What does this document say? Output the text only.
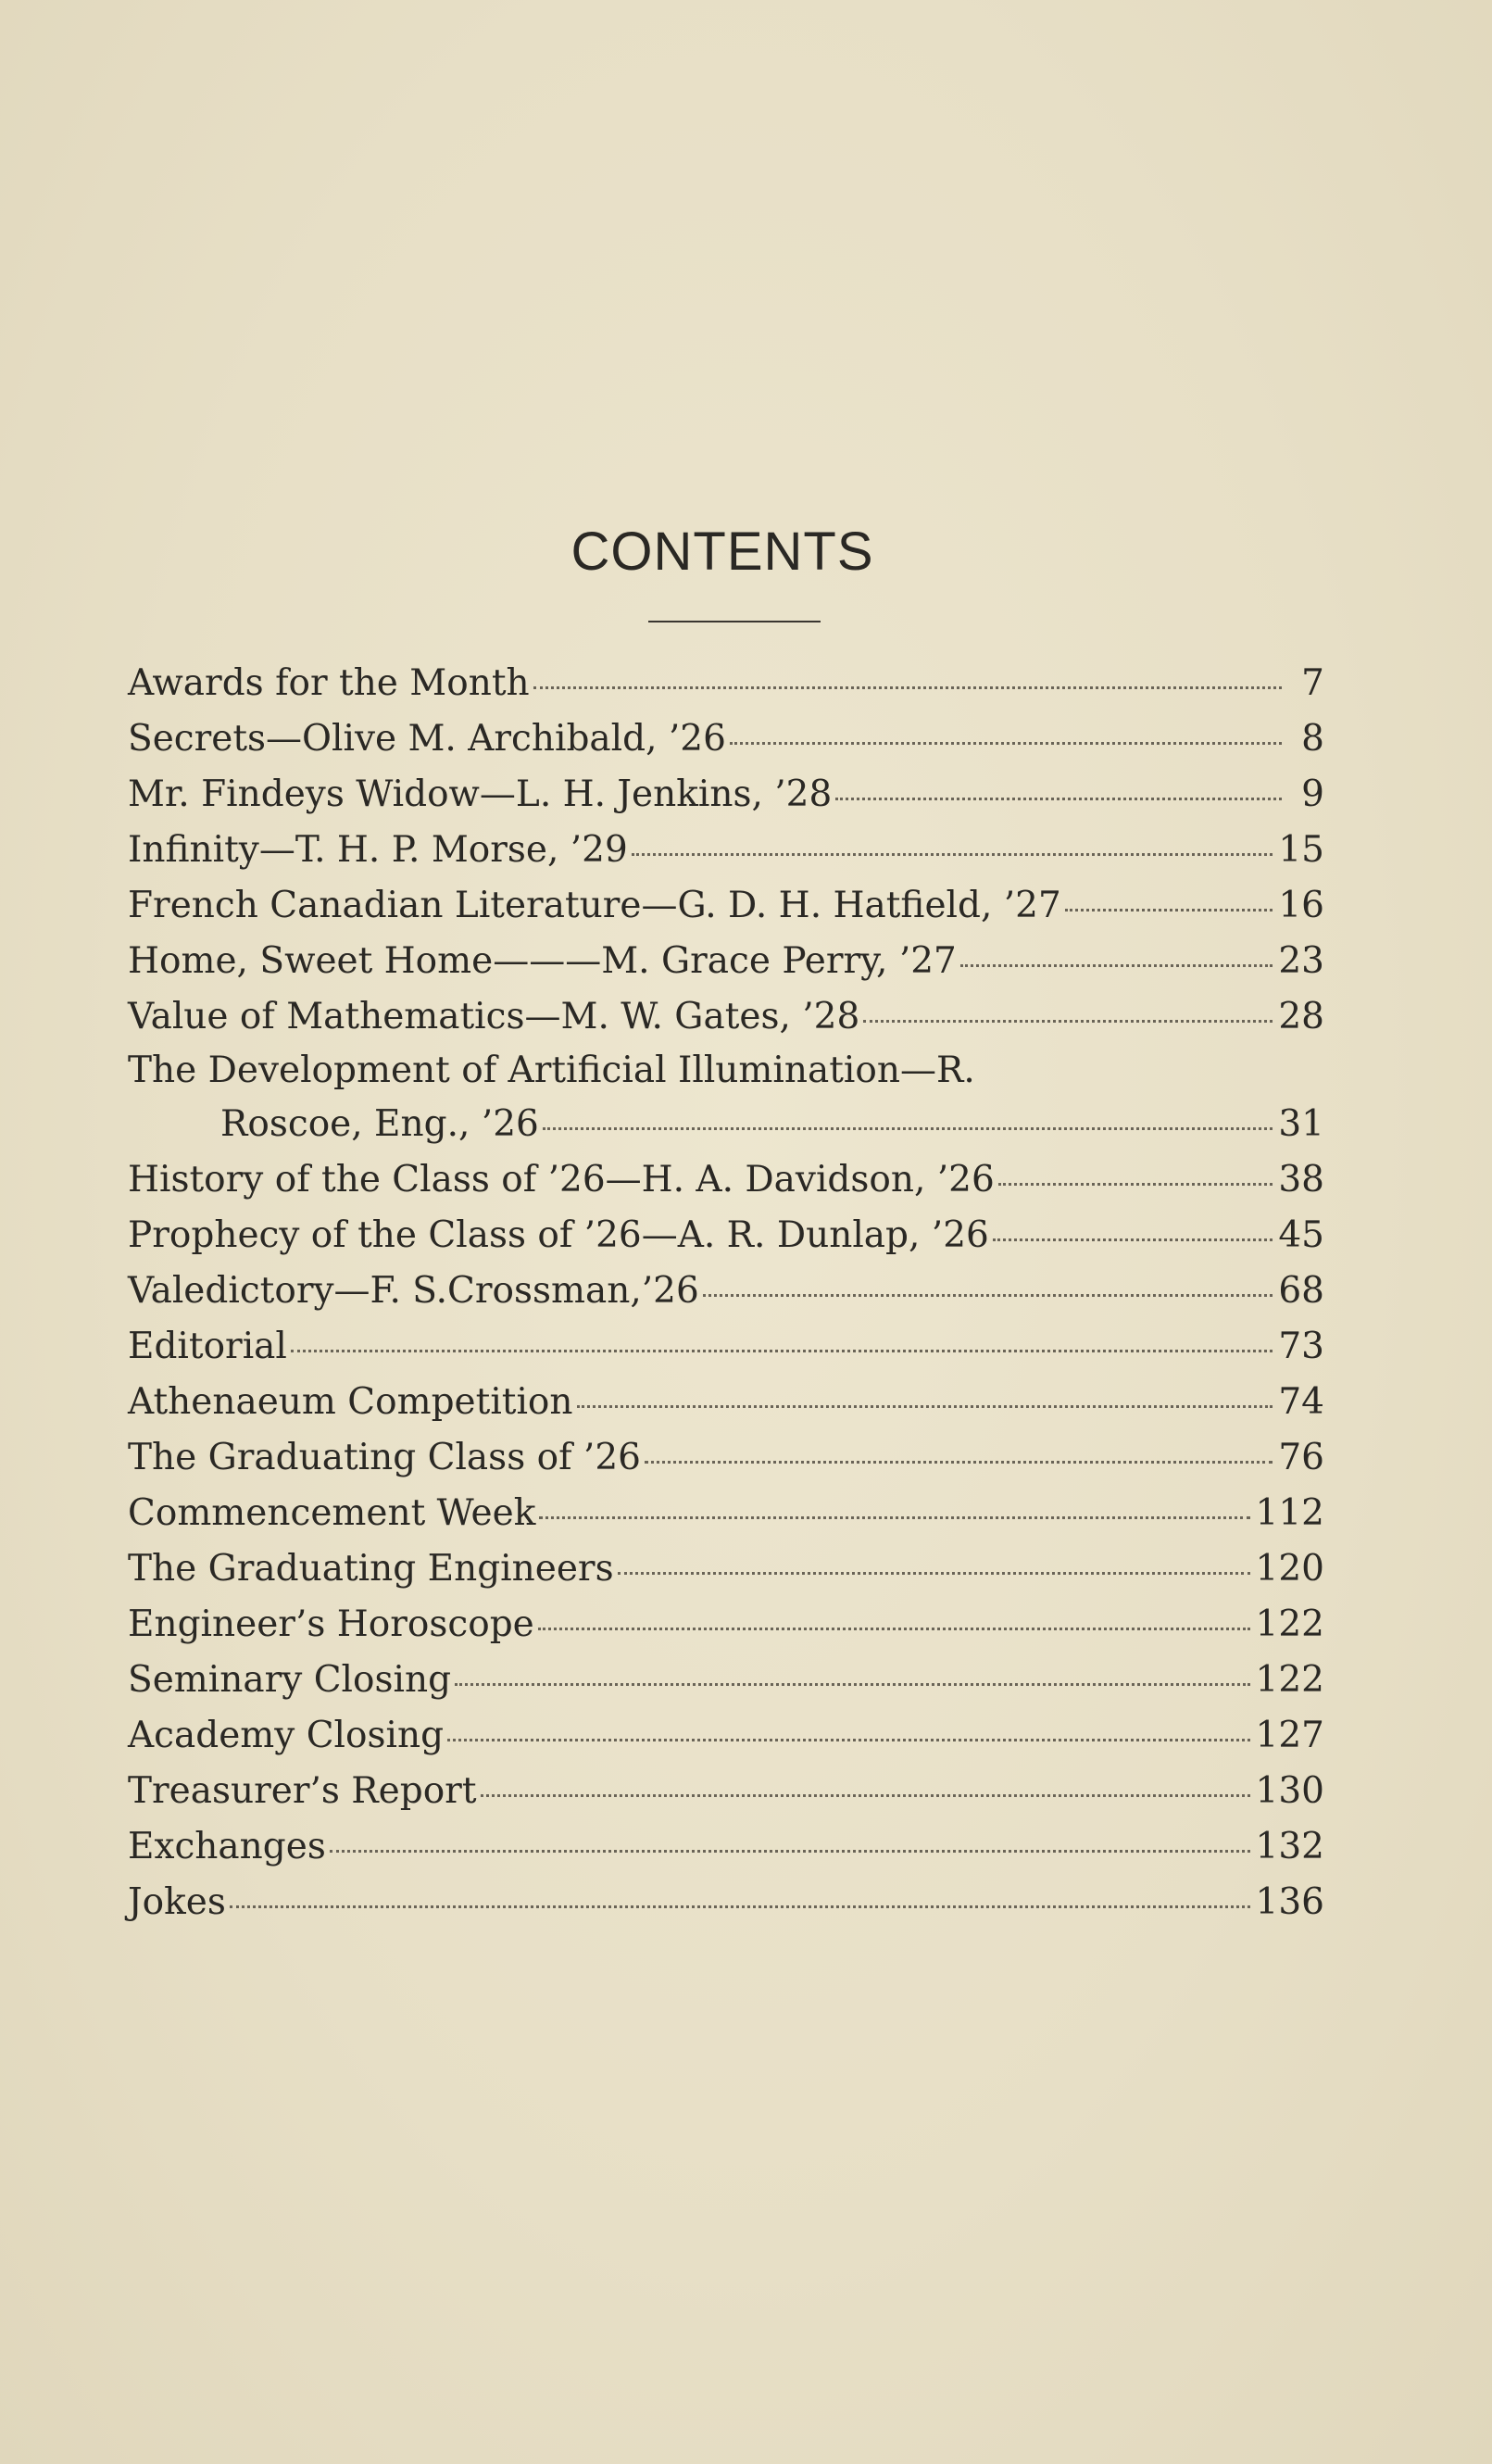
CONTENTS
Awards for the Month	7
Secrets—Olive M. Archibald, ’26	8
Mr. Findeys Widow—L. H. Jenkins, ’28	9
Infinity—T. H. P. Morse, ’29	15
French Canadian Literature—G. D. H. Hatfield, ’27	16
Home, Sweet Home———M. Grace Perry, ’27	23
Value of Mathematics—M. W. Gates, ’28	28
The Development of Artificial Illumination—R.
Roscoe, Eng., ’26	31
History of the Class of ’26—H. A. Davidson, ’26	38
Prophecy of the Class of ’26—A. R. Dunlap, ’26	45
Valedictory—F. S.Crossman,’26	68
Editorial	73
Athenaeum Competition	74
The Graduating Class of ’26	76
Commencement Week	112
The Graduating Engineers	120
Engineer’s Horoscope	122
Seminary Closing	122
Academy Closing	127
Treasurer’s Report	130
Exchanges	132
Jokes	136
